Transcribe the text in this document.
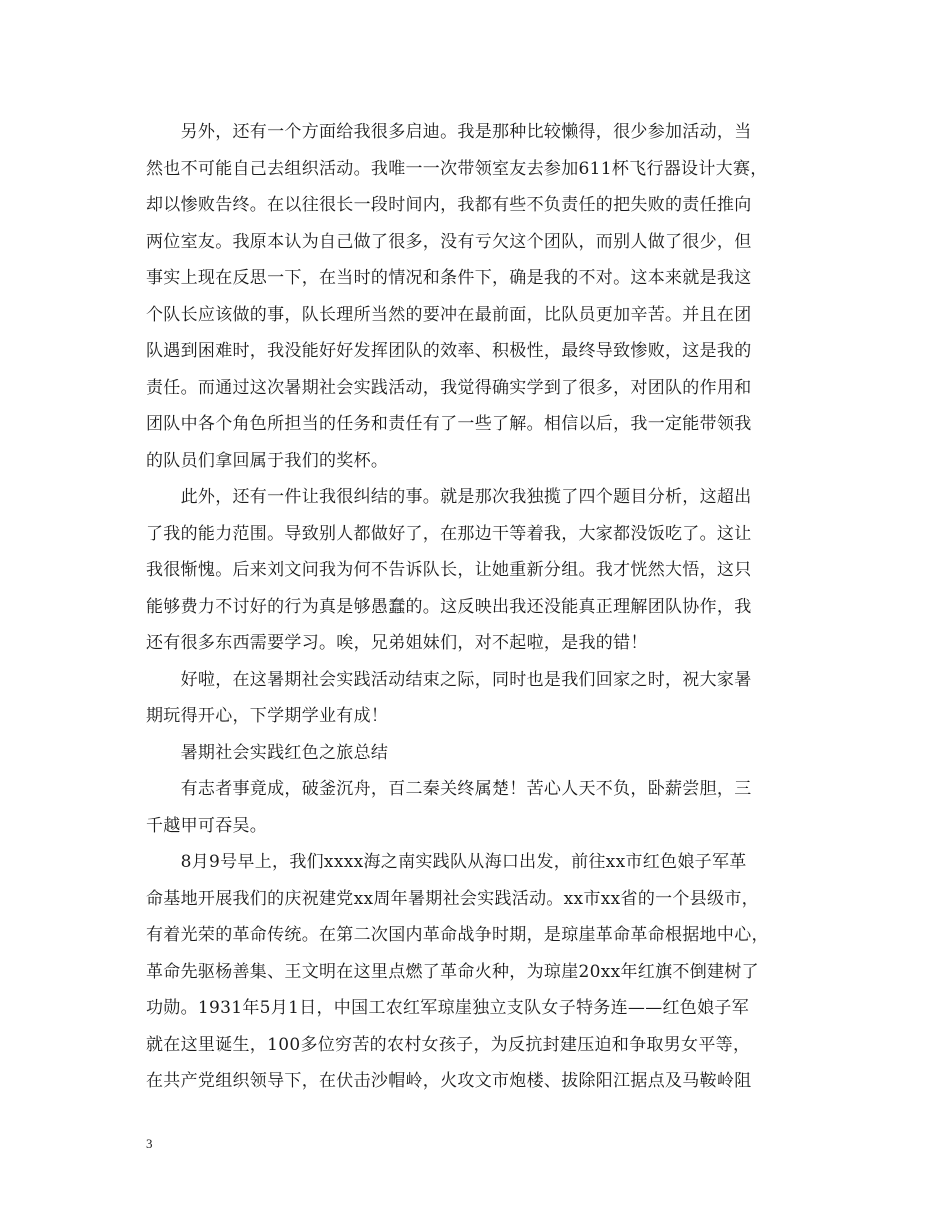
　　另外，还有一个方面给我很多启迪。我是那种比较懒得，很少参加活动，当
然也不可能自己去组织活动。我唯一一次带领室友去参加611杯飞行器设计大赛，
却以惨败告终。在以往很长一段时间内，我都有些不负责任的把失败的责任推向
两位室友。我原本认为自己做了很多，没有亏欠这个团队，而别人做了很少，但
事实上现在反思一下，在当时的情况和条件下，确是我的不对。这本来就是我这
个队长应该做的事，队长理所当然的要冲在最前面，比队员更加辛苦。并且在团
队遇到困难时，我没能好好发挥团队的效率、积极性，最终导致惨败，这是我的
责任。而通过这次暑期社会实践活动，我觉得确实学到了很多，对团队的作用和
团队中各个角色所担当的任务和责任有了一些了解。相信以后，我一定能带领我
的队员们拿回属于我们的奖杯。
　　此外，还有一件让我很纠结的事。就是那次我独揽了四个题目分析，这超出
了我的能力范围。导致别人都做好了，在那边干等着我，大家都没饭吃了。这让
我很惭愧。后来刘文问我为何不告诉队长，让她重新分组。我才恍然大悟，这只
能够费力不讨好的行为真是够愚蠢的。这反映出我还没能真正理解团队协作，我
还有很多东西需要学习。唉，兄弟姐妹们，对不起啦，是我的错！
　　好啦，在这暑期社会实践活动结束之际，同时也是我们回家之时，祝大家暑
期玩得开心，下学期学业有成！
　　暑期社会实践红色之旅总结
　　有志者事竟成，破釜沉舟，百二秦关终属楚！苦心人天不负，卧薪尝胆，三
千越甲可吞吴。
　　8月9号早上，我们xxxx海之南实践队从海口出发，前往xx市红色娘子军革
命基地开展我们的庆祝建党xx周年暑期社会实践活动。xx市xx省的一个县级市，
有着光荣的革命传统。在第二次国内革命战争时期，是琼崖革命革命根据地中心，
革命先驱杨善集、王文明在这里点燃了革命火种，为琼崖20xx年红旗不倒建树了
功勋。1931年5月1日，中国工农红军琼崖独立支队女子特务连——红色娘子军
就在这里诞生，100多位穷苦的农村女孩子，为反抗封建压迫和争取男女平等，
在共产党组织领导下，在伏击沙帽岭，火攻文市炮楼、拔除阳江据点及马鞍岭阻
3
